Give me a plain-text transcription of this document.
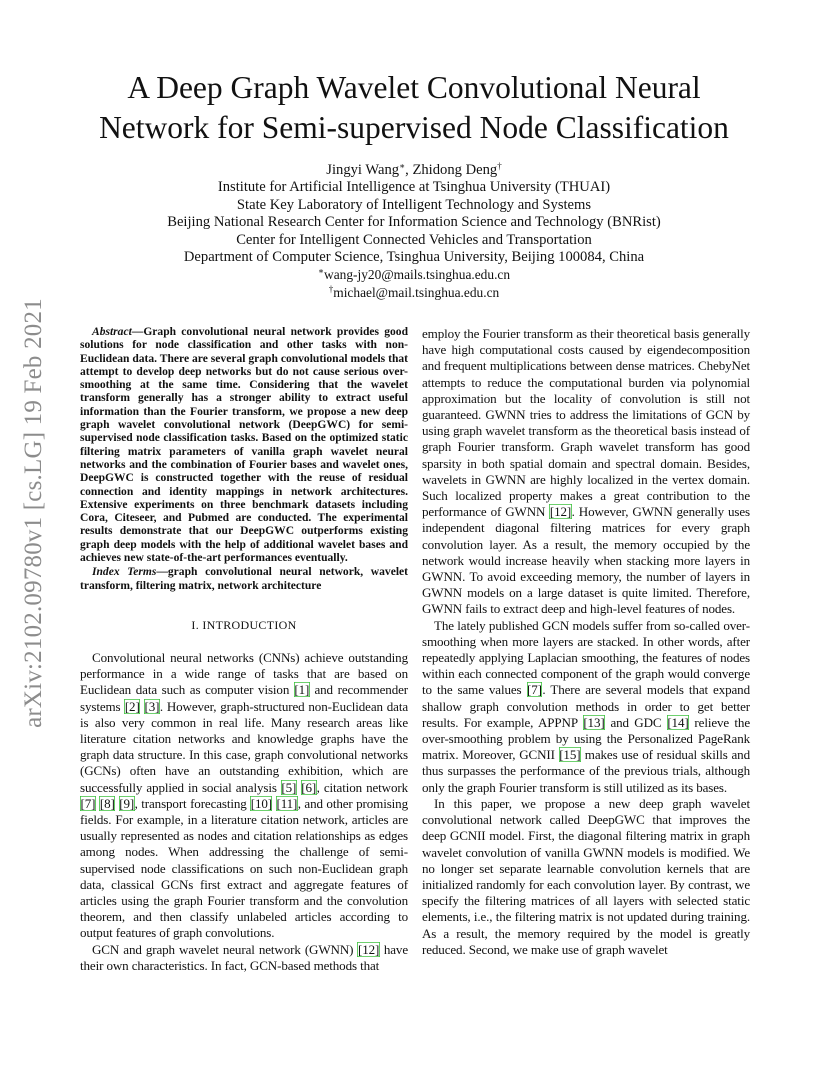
arXiv:2102.09780v1 [cs.LG] 19 Feb 2021
A Deep Graph Wavelet Convolutional Neural
Network for Semi-supervised Node Classification
Jingyi Wang∗, Zhidong Deng†
Institute for Artificial Intelligence at Tsinghua University (THUAI)
State Key Laboratory of Intelligent Technology and Systems
Beijing National Research Center for Information Science and Technology (BNRist)
Center for Intelligent Connected Vehicles and Transportation
Department of Computer Science, Tsinghua University, Beijing 100084, China
∗wang-jy20@mails.tsinghua.edu.cn
†michael@mail.tsinghua.edu.cn

Abstract—Graph convolutional neural network provides good solutions for node classification and other tasks with non-Euclidean data. There are several graph convolutional models that attempt to develop deep networks but do not cause serious over-smoothing at the same time. Considering that the wavelet transform generally has a stronger ability to extract useful information than the Fourier transform, we propose a new deep graph wavelet convolutional network (DeepGWC) for semi-supervised node classification tasks. Based on the optimized static filtering matrix parameters of vanilla graph wavelet neural networks and the combination of Fourier bases and wavelet ones, DeepGWC is constructed together with the reuse of residual connection and identity mappings in network architectures. Extensive experiments on three benchmark datasets including Cora, Citeseer, and Pubmed are conducted. The experimental results demonstrate that our DeepGWC outperforms existing graph deep models with the help of additional wavelet bases and achieves new state-of-the-art performances eventually.

Index Terms—graph convolutional neural network, wavelet transform, filtering matrix, network architecture

I. INTRODUCTION

Convolutional neural networks (CNNs) achieve outstanding performance in a wide range of tasks that are based on Euclidean data such as computer vision [1] and recommender systems [2] [3]. However, graph-structured non-Euclidean data is also very common in real life. Many research areas like literature citation networks and knowledge graphs have the graph data structure. In this case, graph convolutional networks (GCNs) often have an outstanding exhibition, which are successfully applied in social analysis [5] [6], citation network [7] [8] [9], transport forecasting [10] [11], and other promising fields. For example, in a literature citation network, articles are usually represented as nodes and citation relationships as edges among nodes. When addressing the challenge of semi-supervised node classifications on such non-Euclidean graph data, classical GCNs first extract and aggregate features of articles using the graph Fourier transform and the convolution theorem, and then classify unlabeled articles according to output features of graph convolutions.

GCN and graph wavelet neural network (GWNN) [12] have their own characteristics. In fact, GCN-based methods that

employ the Fourier transform as their theoretical basis generally have high computational costs caused by eigendecomposition and frequent multiplications between dense matrices. ChebyNet attempts to reduce the computational burden via polynomial approximation but the locality of convolution is still not guaranteed. GWNN tries to address the limitations of GCN by using graph wavelet transform as the theoretical basis instead of graph Fourier transform. Graph wavelet transform has good sparsity in both spatial domain and spectral domain. Besides, wavelets in GWNN are highly localized in the vertex domain. Such localized property makes a great contribution to the performance of GWNN [12]. However, GWNN generally uses independent diagonal filtering matrices for every graph convolution layer. As a result, the memory occupied by the network would increase heavily when stacking more layers in GWNN. To avoid exceeding memory, the number of layers in GWNN models on a large dataset is quite limited. Therefore, GWNN fails to extract deep and high-level features of nodes.

The lately published GCN models suffer from so-called over-smoothing when more layers are stacked. In other words, after repeatedly applying Laplacian smoothing, the features of nodes within each connected component of the graph would converge to the same values [7]. There are several models that expand shallow graph convolution methods in order to get better results. For example, APPNP [13] and GDC [14] relieve the over-smoothing problem by using the Personalized PageRank matrix. Moreover, GCNII [15] makes use of residual skills and thus surpasses the performance of the previous trials, although only the graph Fourier transform is still utilized as its bases.

In this paper, we propose a new deep graph wavelet convolutional network called DeepGWC that improves the deep GCNII model. First, the diagonal filtering matrix in graph wavelet convolution of vanilla GWNN models is modified. We no longer set separate learnable convolution kernels that are initialized randomly for each convolution layer. By contrast, we specify the filtering matrices of all layers with selected static elements, i.e., the filtering matrix is not updated during training. As a result, the memory required by the model is greatly reduced. Second, we make use of graph wavelet
